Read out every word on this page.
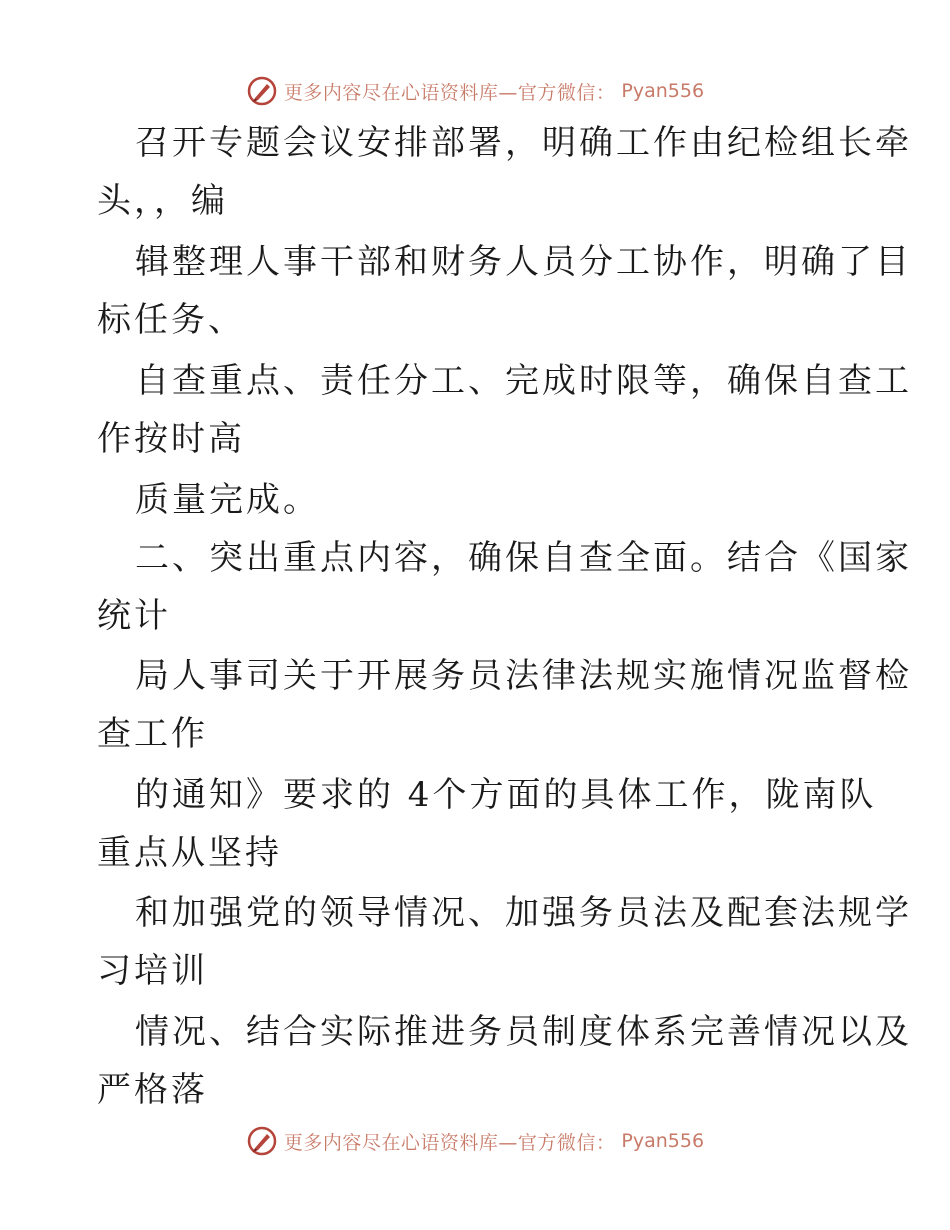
更多内容尽在心语资料库—官方微信： Pyan556
召开专题会议安排部署，明确工作由纪检组长牵
头，，编
辑整理人事干部和财务人员分工协作，明确了目
标任务、
自查重点、责任分工、完成时限等，确保自查工
作按时高
质量完成。
二、突出重点内容，确保自查全面。结合《国家
统计
局人事司关于开展务员法律法规实施情况监督检
查工作
的通知》要求的 4个方面的具体工作，陇南队
重点从坚持
和加强党的领导情况、加强务员法及配套法规学
习培训
情况、结合实际推进务员制度体系完善情况以及
严格落
更多内容尽在心语资料库—官方微信： Pyan556
